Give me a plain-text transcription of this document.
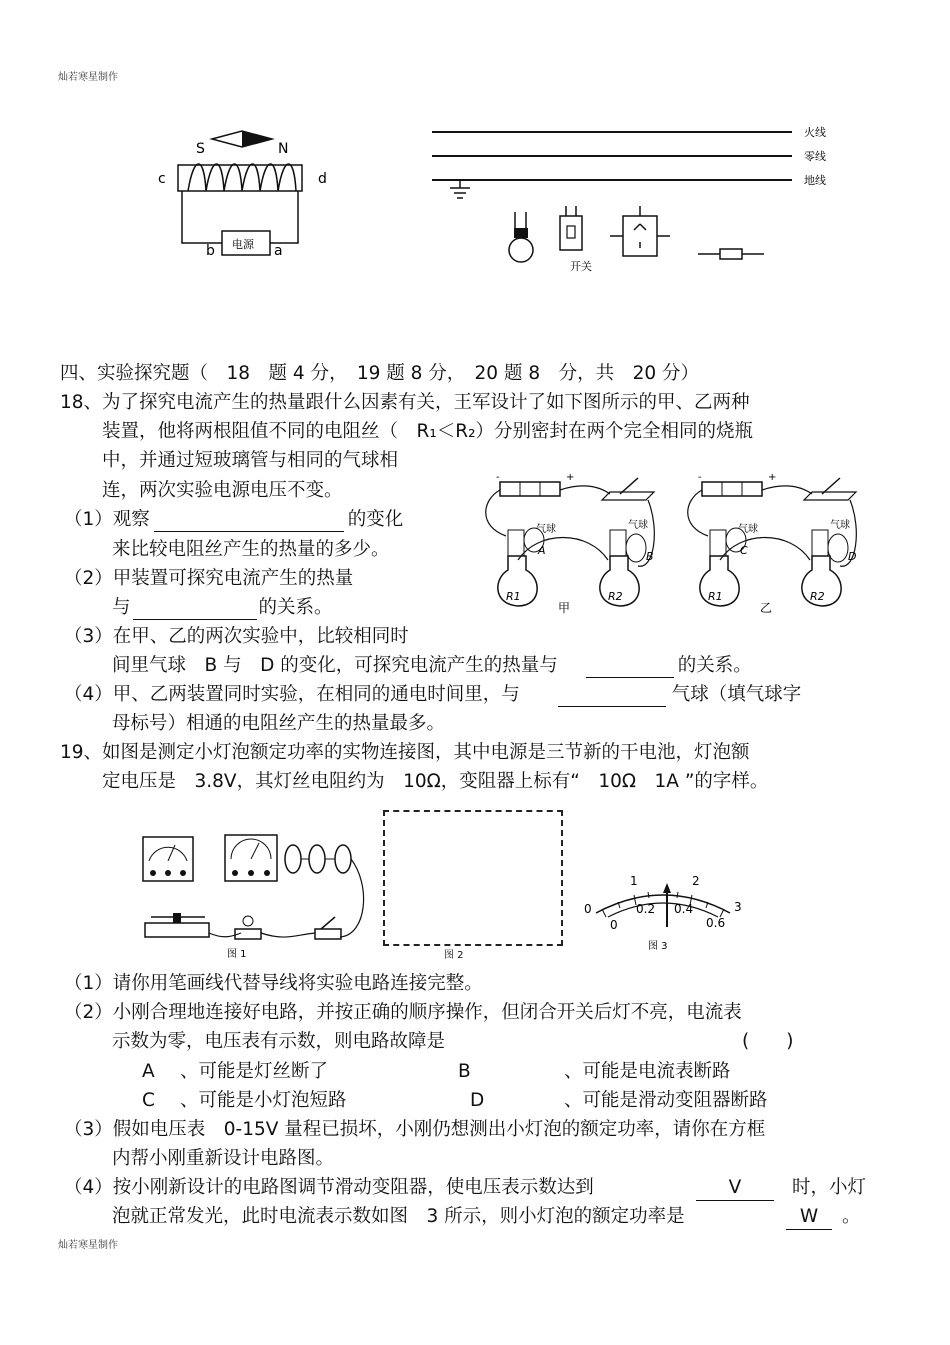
灿若寒星制作
S	N
c	d
电源
b	a
火线
零线
地线
开关
四、实验探究题（　18　题 4 分，　19 题 8 分，　20 题 8　分，共　20 分）
18、为了探究电流产生的热量跟什么因素有关，王军设计了如下图所示的甲、乙两种
装置，他将两根阻值不同的电阻丝（　R₁＜R₂）分别密封在两个完全相同的烧瓶
中，并通过短玻璃管与相同的气球相
连，两次实验电源电压不变。
（1）观察	的变化
来比较电阻丝产生的热量的多少。
（2）甲装置可探究电流产生的热量
与	的关系。
（3）在甲、乙的两次实验中，比较相同时
间里气球　B 与　D 的变化，可探究电流产生的热量与	的关系。
（4）甲、乙两装置同时实验，在相同的通电时间里，与	气球（填气球字
母标号）相通的电阻丝产生的热量最多。
-	+
气球	气球
A	B
R1	R2
甲
-	+
气球	气球
C	D
R1	R2
乙
19、如图是测定小灯泡额定功率的实物连接图，其中电源是三节新的干电池，灯泡额
定电压是　3.8V，其灯丝电阻约为　10Ω，变阻器上标有“　10Ω　1A ”的字样。
图 1	图 2
0
1	2
3
0
0.2 0.4
0.6
图 3
（1）请你用笔画线代替导线将实验电路连接完整。
（2）小刚合理地连接好电路，并按正确的顺序操作，但闭合开关后灯不亮，电流表
示数为零，电压表有示数，则电路故障是	(　　)
A 、可能是灯丝断了	B	、可能是电流表断路
C 、可能是小灯泡短路	D	、可能是滑动变阻器断路
（3）假如电压表　0-15V 量程已损坏，小刚仍想测出小灯泡的额定功率，请你在方框
内帮小刚重新设计电路图。
（4）按小刚新设计的电路图调节滑动变阻器，使电压表示数达到	V	时，小灯
泡就正常发光，此时电流表示数如图　3 所示，则小灯泡的额定功率是	W	。
灿若寒星制作
